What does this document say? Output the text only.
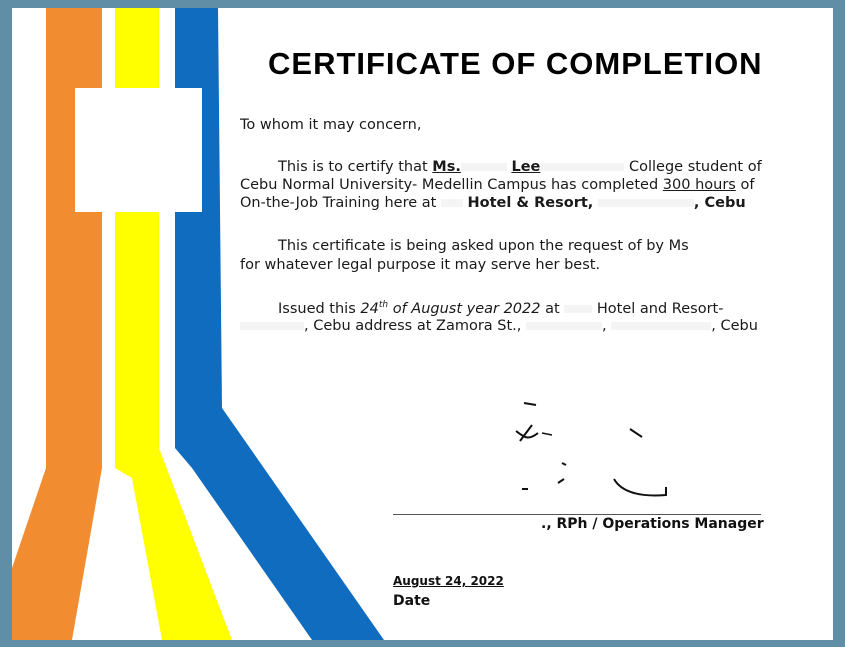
CERTIFICATE OF COMPLETION
To whom it may concern,
This is to certify that Ms.	Lee	College student of
Cebu Normal University- Medellin Campus has completed 300 hours of
On-the-Job Training here at Hotel & Resort,	, Cebu
This certificate is being asked upon the request of by Ms
for whatever legal purpose it may serve her best.
Issued this 24th of August year 2022 at	Hotel and Resort-
, Cebu address at Zamora St.,	,	, Cebu
., RPh / Operations Manager
August 24, 2022
Date
